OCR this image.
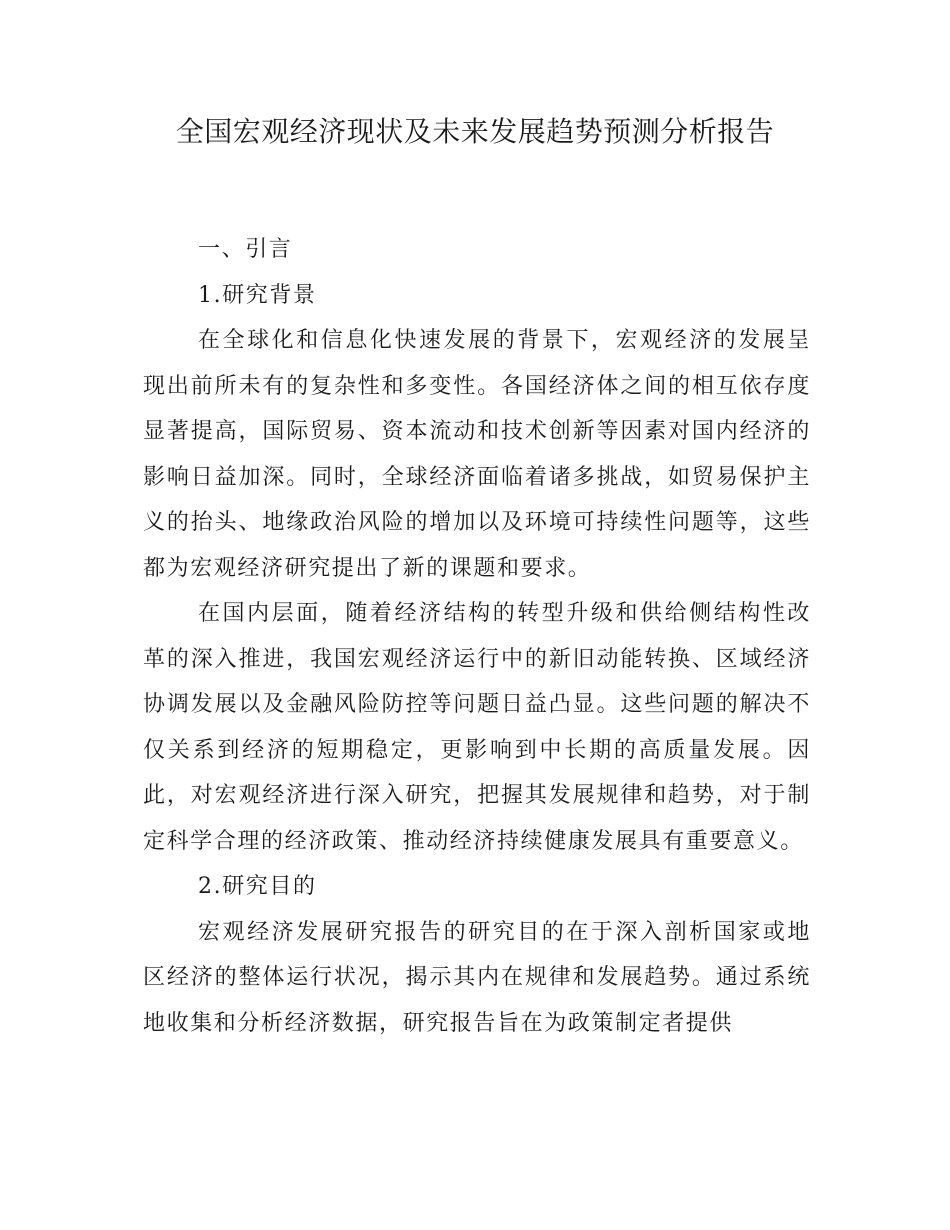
全国宏观经济现状及未来发展趋势预测分析报告
一、引言
1.研究背景

在全球化和信息化快速发展的背景下，宏观经济的发展呈现出前所未有的复杂性和多变性。各国经济体之间的相互依存度显著提高，国际贸易、资本流动和技术创新等因素对国内经济的影响日益加深。同时，全球经济面临着诸多挑战，如贸易保护主义的抬头、地缘政治风险的增加以及环境可持续性问题等，这些都为宏观经济研究提出了新的课题和要求。

在国内层面，随着经济结构的转型升级和供给侧结构性改革的深入推进，我国宏观经济运行中的新旧动能转换、区域经济协调发展以及金融风险防控等问题日益凸显。这些问题的解决不仅关系到经济的短期稳定，更影响到中长期的高质量发展。因此，对宏观经济进行深入研究，把握其发展规律和趋势，对于制定科学合理的经济政策、推动经济持续健康发展具有重要意义。

2.研究目的

宏观经济发展研究报告的研究目的在于深入剖析国家或地区经济的整体运行状况，揭示其内在规律和发展趋势。通过系统地收集和分析经济数据，研究报告旨在为政策制定者提供
